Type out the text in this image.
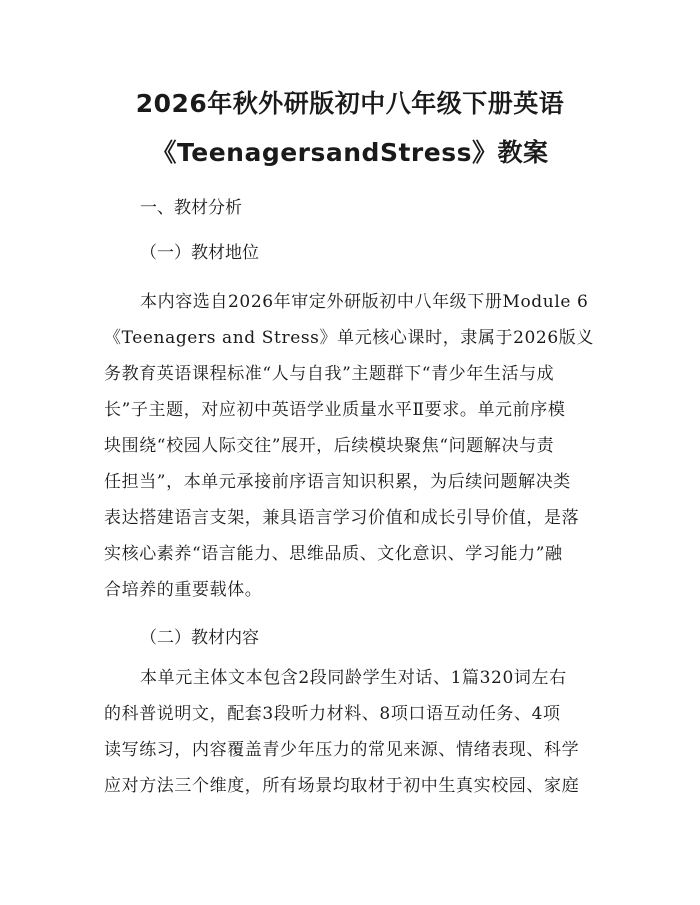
2026年秋外研版初中八年级下册英语
《TeenagersandStress》教案

一、教材分析

（一）教材地位

本内容选自2026年审定外研版初中八年级下册Module 6

《Teenagers and Stress》单元核心课时，隶属于2026版义

务教育英语课程标准“人与自我”主题群下“青少年生活与成

长”子主题，对应初中英语学业质量水平Ⅱ要求。单元前序模

块围绕“校园人际交往”展开，后续模块聚焦“问题解决与责

任担当”，本单元承接前序语言知识积累，为后续问题解决类

表达搭建语言支架，兼具语言学习价值和成长引导价值，是落

实核心素养“语言能力、思维品质、文化意识、学习能力”融

合培养的重要载体。

（二）教材内容

本单元主体文本包含2段同龄学生对话、1篇320词左右

的科普说明文，配套3段听力材料、8项口语互动任务、4项

读写练习，内容覆盖青少年压力的常见来源、情绪表现、科学

应对方法三个维度，所有场景均取材于初中生真实校园、家庭
